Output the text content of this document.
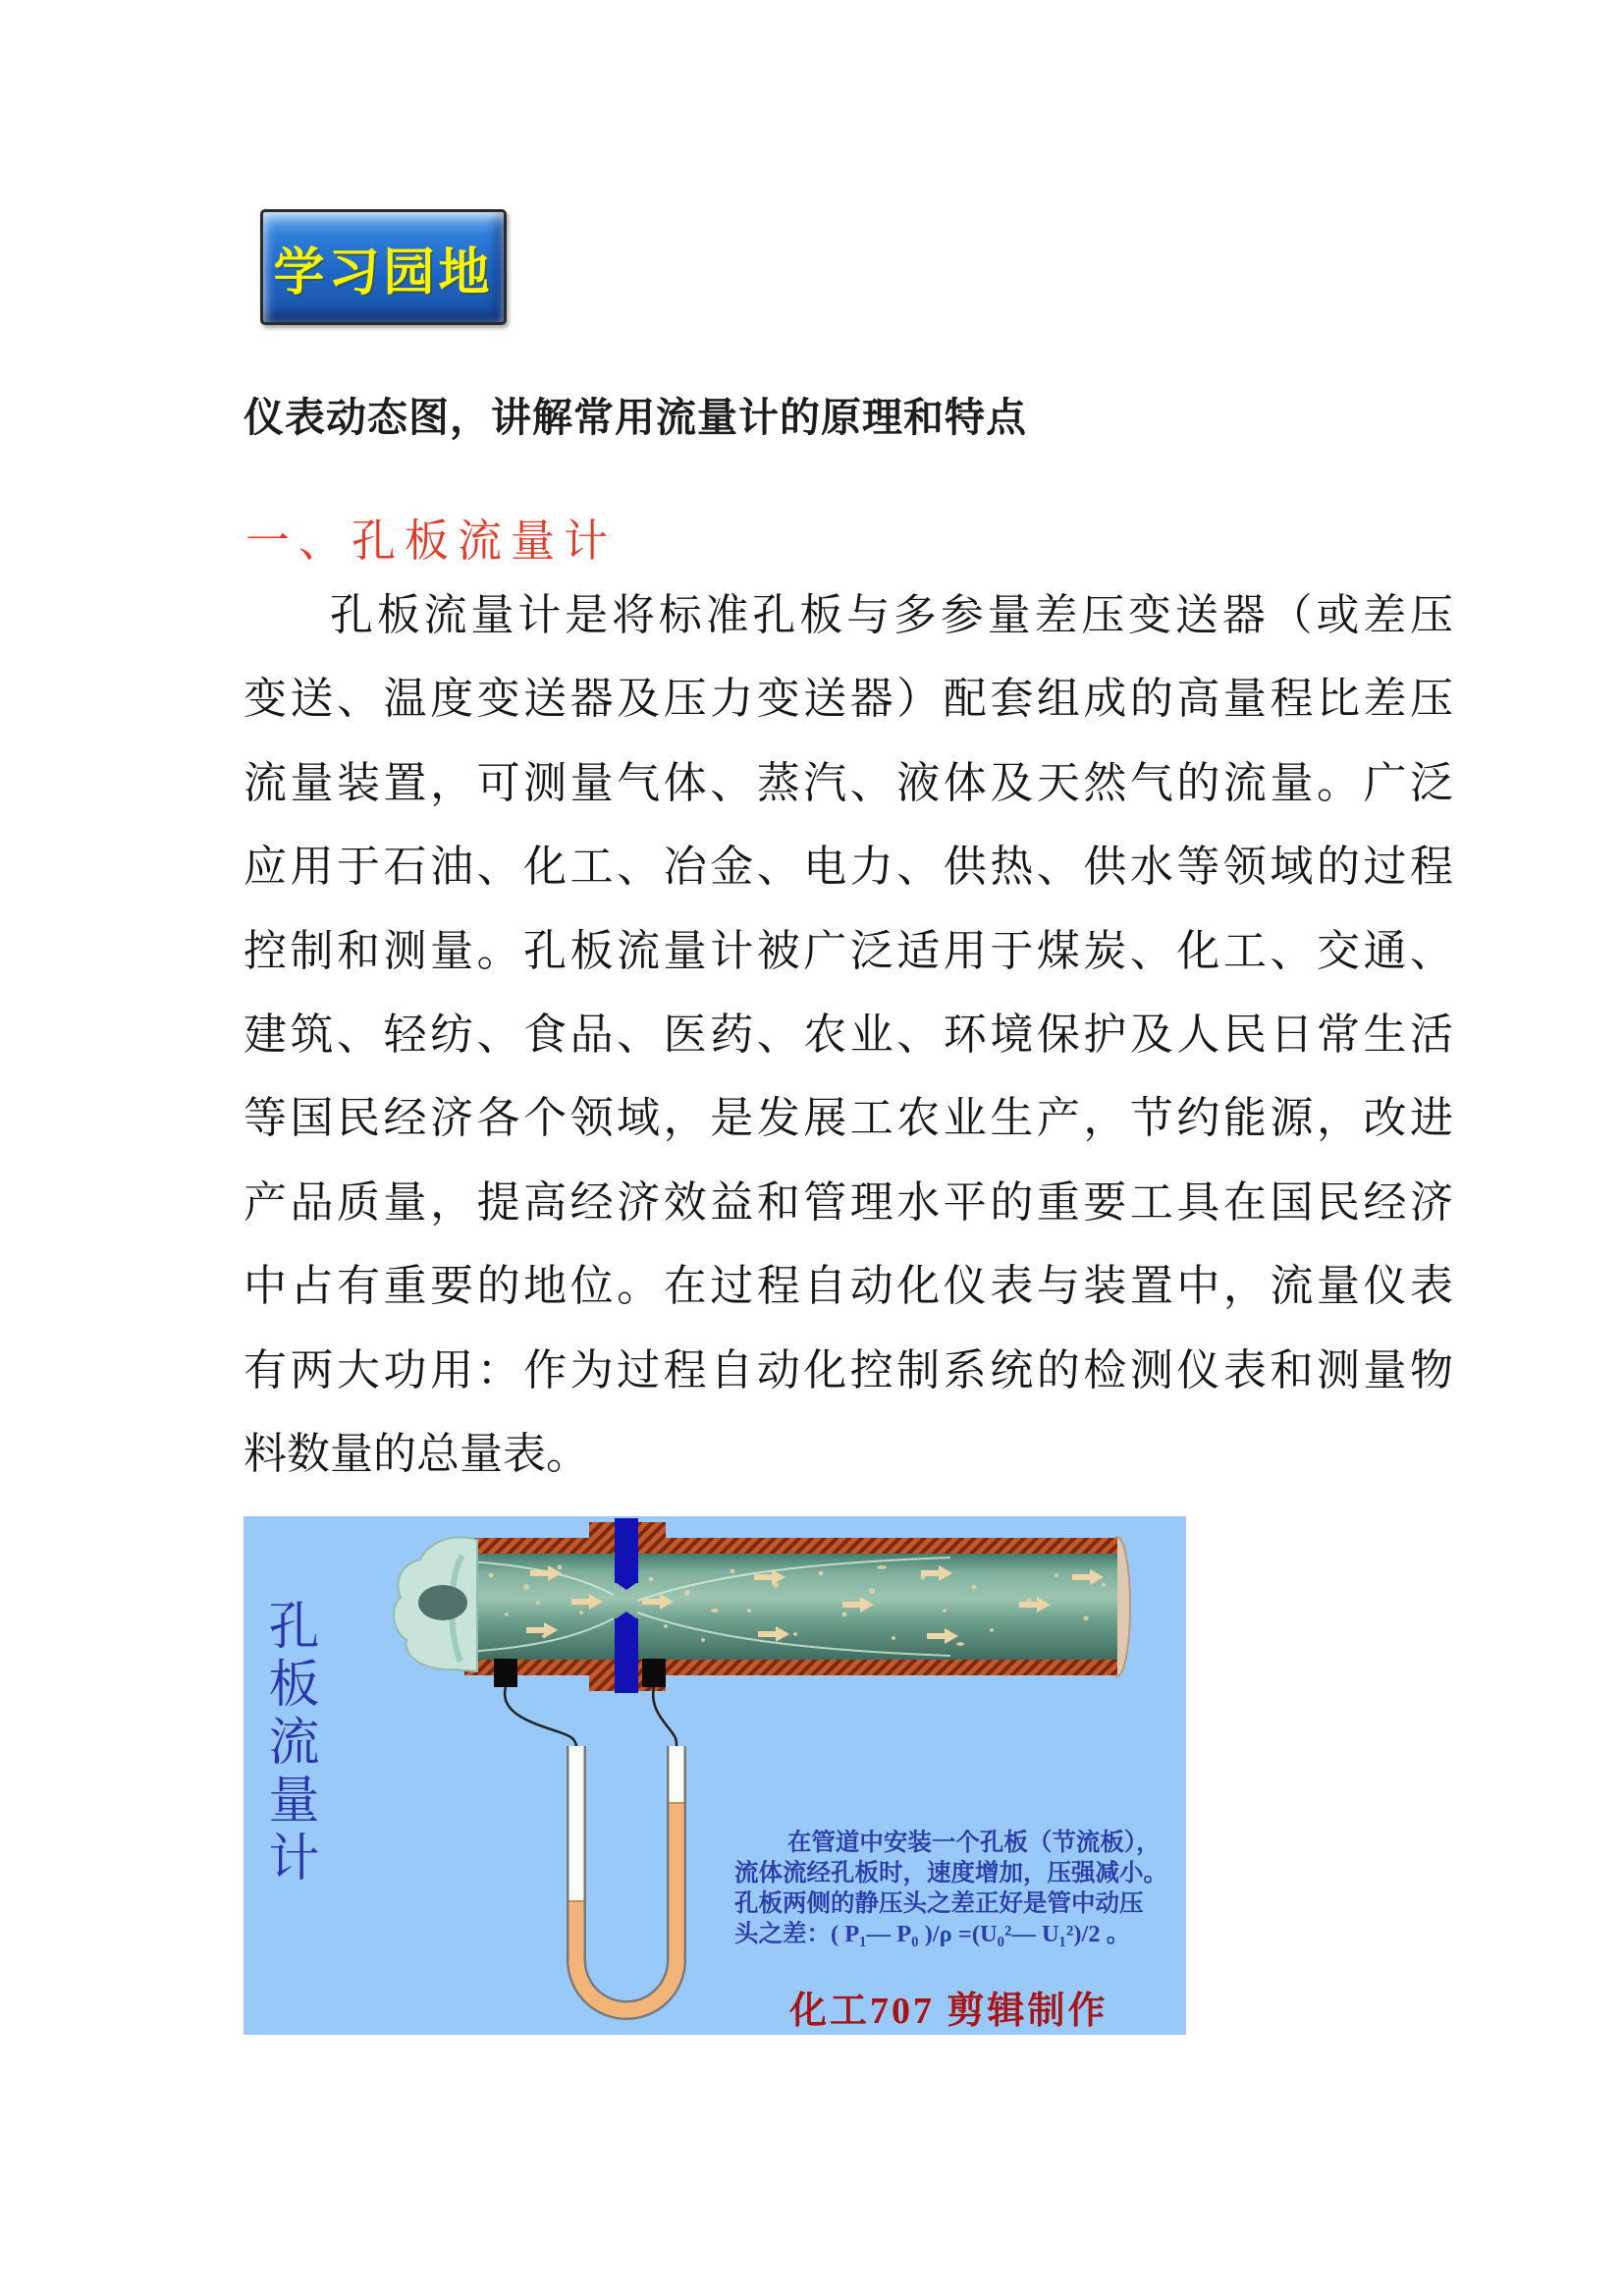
学习园地
仪表动态图，讲解常用流量计的原理和特点
一、孔板流量计
孔板流量计是将标准孔板与多参量差压变送器（或差压
变送、温度变送器及压力变送器）配套组成的高量程比差压
流量装置，可测量气体、蒸汽、液体及天然气的流量。广泛
应用于石油、化工、冶金、电力、供热、供水等领域的过程
控制和测量。孔板流量计被广泛适用于煤炭、化工、交通、
建筑、轻纺、食品、医药、农业、环境保护及人民日常生活
等国民经济各个领域，是发展工农业生产，节约能源，改进
产品质量，提高经济效益和管理水平的重要工具在国民经济
中占有重要的地位。在过程自动化仪表与装置中，流量仪表
有两大功用：作为过程自动化控制系统的检测仪表和测量物
料数量的总量表。
孔板流量计	在管道中安装一个孔板（节流板），
流体流经孔板时，速度增加，压强减小。
孔板两侧的静压头之差正好是管中动压
头之差：( P₁— P₀ )/ρ =(U₀²— U₁²)/2 。
化工707 剪辑制作
